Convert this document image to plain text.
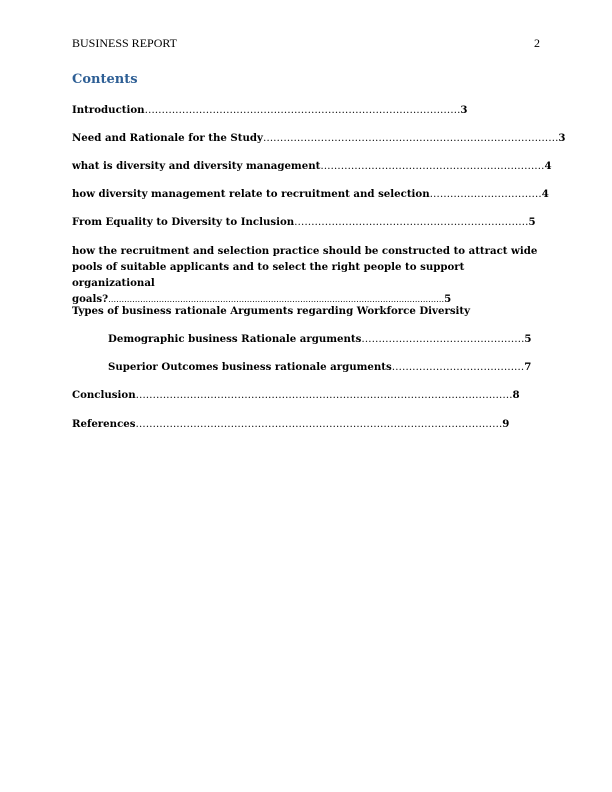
BUSINESS REPORT	2
Contents
Introduction…………………………………………………………………………………3
Need and Rationale for the Study……………………………………………………………………………3
what is diversity and diversity management…………………………………………………………4
how diversity management relate to recruitment and selection……………………………4
From Equality to Diversity to Inclusion……………………………………………………………5
how the recruitment and selection practice should be constructed to attract wide
pools of suitable applicants and to select the right people to support organizational
goals?………………………………………………………………………………………………………………5
Types of business rationale Arguments regarding Workforce Diversity
Demographic business Rationale arguments…………………………………………5
Superior Outcomes business rationale arguments…………………………………7
Conclusion…………………………………………………………………………………………………8
References………………………………………………………………………………………………9
